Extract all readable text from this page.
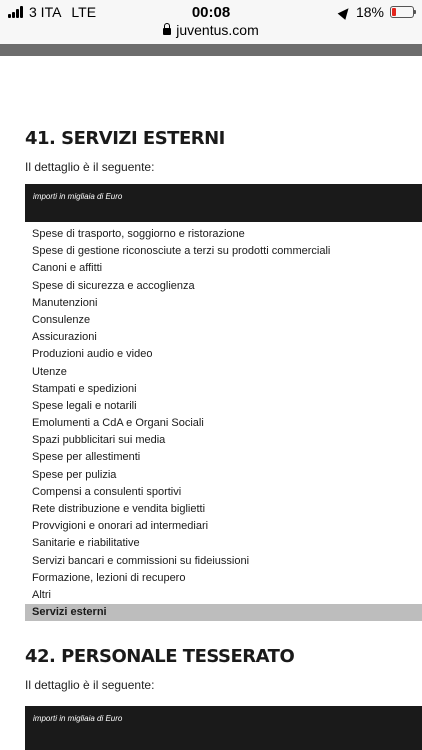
3 ITA LTE	00:08
juventus.com
18%
41. SERVIZI ESTERNI
Il dettaglio è il seguente:
importi in migliaia di Euro
Spese di trasporto, soggiorno e ristorazione
Spese di gestione riconosciute a terzi su prodotti commerciali
Canoni e affitti
Spese di sicurezza e accoglienza
Manutenzioni
Consulenze
Assicurazioni
Produzioni audio e video
Utenze
Stampati e spedizioni
Spese legali e notarili
Emolumenti a CdA e Organi Sociali
Spazi pubblicitari sui media
Spese per allestimenti
Spese per pulizia
Compensi a consulenti sportivi
Rete distribuzione e vendita biglietti
Provvigioni e onorari ad intermediari
Sanitarie e riabilitative
Servizi bancari e commissioni su fideiussioni
Formazione, lezioni di recupero
Altri
Servizi esterni
42. PERSONALE TESSERATO
Il dettaglio è il seguente:
importi in migliaia di Euro
